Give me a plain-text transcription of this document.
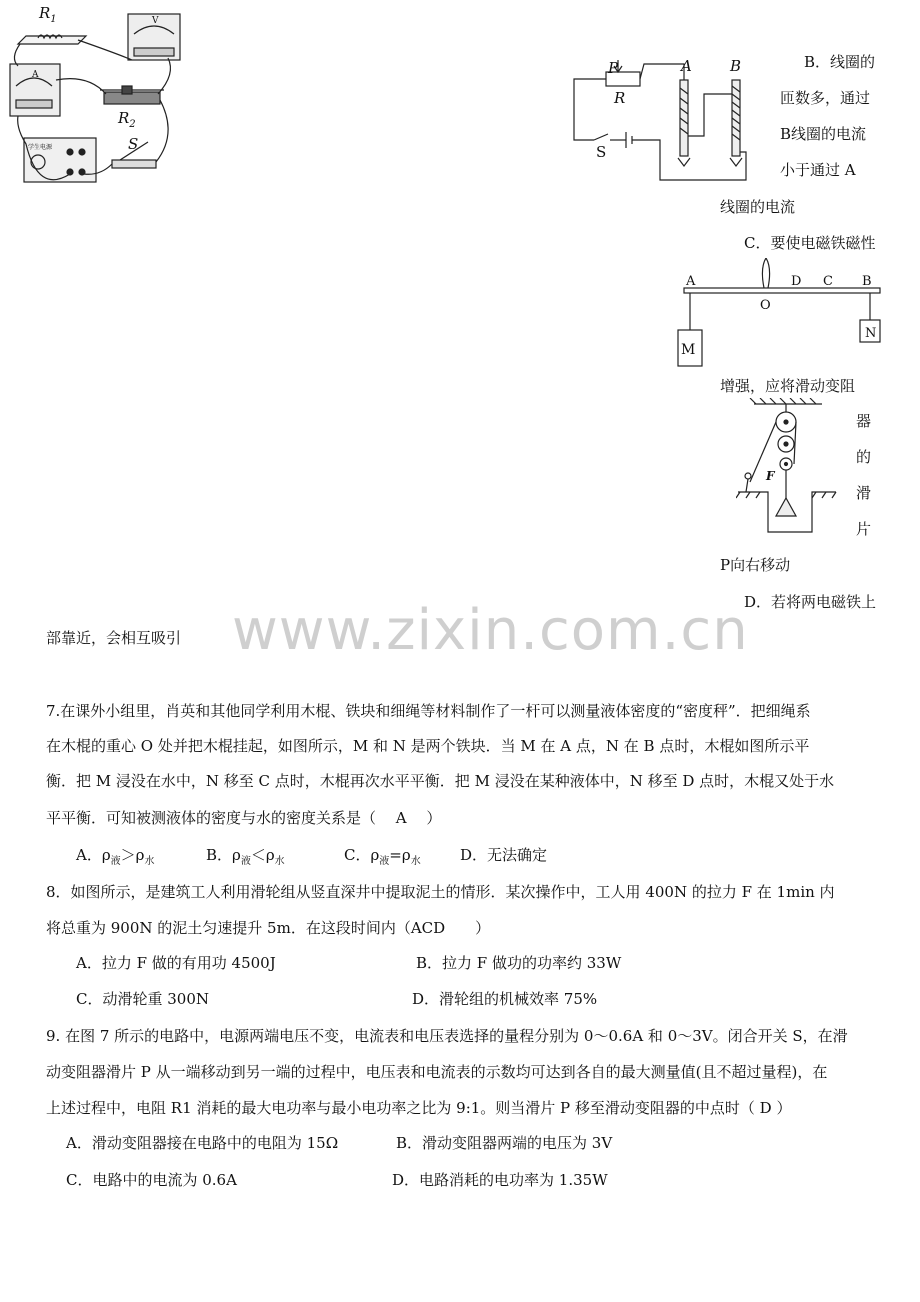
$R_1$
$R_2$
S
V
A
学生电源
P
R
A	B
S
B．线圈的
匝数多，通过
B线圈的电流
小于通过 A
线圈的电流
C．要使电磁铁磁性
A
O
D C B
M
N
增强，应将滑动变阻
F
器
的
滑
片
P向右移动
D．若将两电磁铁上
部靠近，会相互吸引 www.zixin.com.cn
7.在课外小组里，肖英和其他同学利用木棍、铁块和细绳等材料制作了一杆可以测量液体密度的“密度秤”．把细绳系
在木棍的重心 O 处并把木棍挂起，如图所示，M 和 N 是两个铁块．当 M 在 A 点，N 在 B 点时，木棍如图所示平
衡．把 M 浸没在水中，N 移至 C 点时，木棍再次水平平衡．把 M 浸没在某种液体中，N 移至 D 点时，木棍又处于水
平平衡．可知被测液体的密度与水的密度关系是（　 A　 ）
A．$\rho_液>\rho_水$	B．$\rho_液<\rho_水$	C．$\rho_液=\rho_水$	D．无法确定
8．如图所示，是建筑工人利用滑轮组从竖直深井中提取泥土的情形．某次操作中，工人用 400N 的拉力 F 在 1min 内
将总重为 900N 的泥土匀速提升 5m．在这段时间内（ACD　　）
A．拉力 F 做的有用功 4500J	B．拉力 F 做功的功率约 33W
C．动滑轮重 300N	D．滑轮组的机械效率 75%
9. 在图 7 所示的电路中，电源两端电压不变，电流表和电压表选择的量程分别为 0～0.6A 和 0～3V。闭合开关 S，在滑
动变阻器滑片 P 从一端移动到另一端的过程中，电压表和电流表的示数均可达到各自的最大测量值(且不超过量程)，在
上述过程中，电阻 R1 消耗的最大电功率与最小电功率之比为 9:1。则当滑片 P 移至滑动变阻器的中点时（ D ）
A．滑动变阻器接在电路中的电阻为 15Ω	B．滑动变阻器两端的电压为 3V
C．电路中的电流为 0.6A	D．电路消耗的电功率为 1.35W
